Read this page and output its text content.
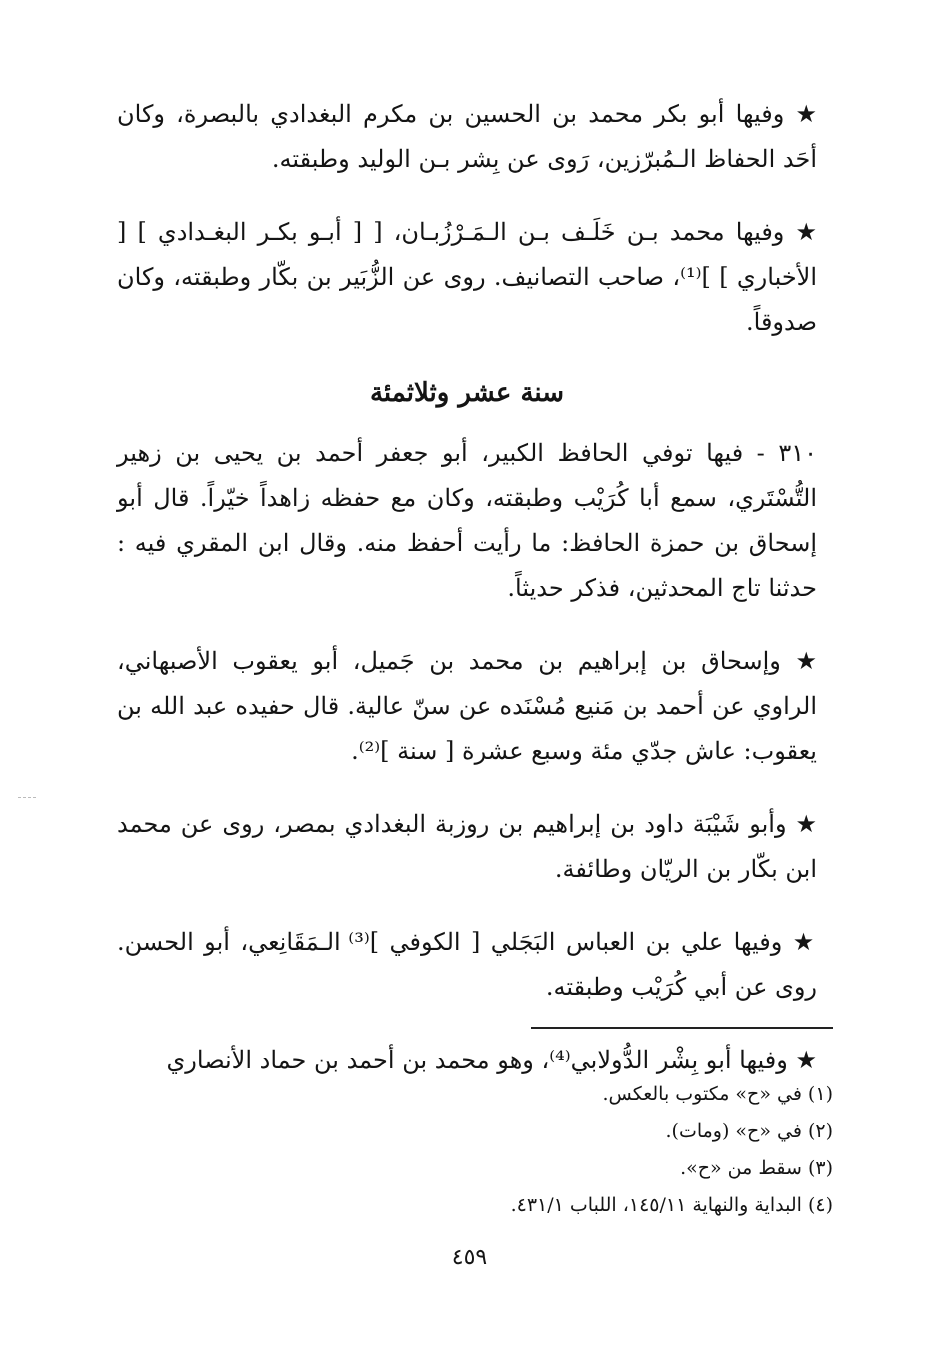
★ وفيها أبو بكر محمد بن الحسين بن مكرم البغدادي بالبصرة، وكان أحَد الحفاظ الـمُبرّزين، رَوى عن بِشر بـن الوليد وطبقته.

★ وفيها محمد بـن خَلَـف بـن الـمَـرْزُبـان، [ [ أبـو بكـر البغـدادي ] [ الأخباري ] ]⁽¹⁾، صاحب التصانيف. روى عن الزُّبَير بن بكّار وطبقته، وكان صدوقاً.

سنة عشر وثلاثمئة

٣١٠ - فيها توفي الحافظ الكبير، أبو جعفر أحمد بن يحيى بن زهير التُّسْتَري، سمع أبا كُرَيْب وطبقته، وكان مع حفظه زاهداً خيّراً. قال أبو إسحاق بن حمزة الحافظ: ما رأيت أحفظ منه. وقال ابن المقري فيه : حدثنا تاج المحدثين، فذكر حديثاً.

★ وإسحاق بن إبراهيم بن محمد بن جَميل، أبو يعقوب الأصبهاني، الراوي عن أحمد بن مَنيع مُسْنَده عن سنّ عالية. قال حفيده عبد الله بن يعقوب: عاش جدّي مئة وسبع عشرة [ سنة ]⁽²⁾.

★ وأبو شَيْبَة داود بن إبراهيم بن روزبة البغدادي بمصر، روى عن محمد ابن بكّار بن الريّان وطائفة.

★ وفيها علي بن العباس البَجَلي [ الكوفي ]⁽³⁾ الـمَقَانِعي، أبو الحسن. روى عن أبي كُرَيْب وطبقته.

★ وفيها أبو بِشْر الدُّولابي⁽⁴⁾، وهو محمد بن أحمد بن حماد الأنصاري

(١) في «ح» مكتوب بالعكس.
(٢) في «ح» (ومات).
(٣) سقط من «ح».
(٤) البداية والنهاية ١٤٥/١١، اللباب ٤٣١/١.
٤٥٩
